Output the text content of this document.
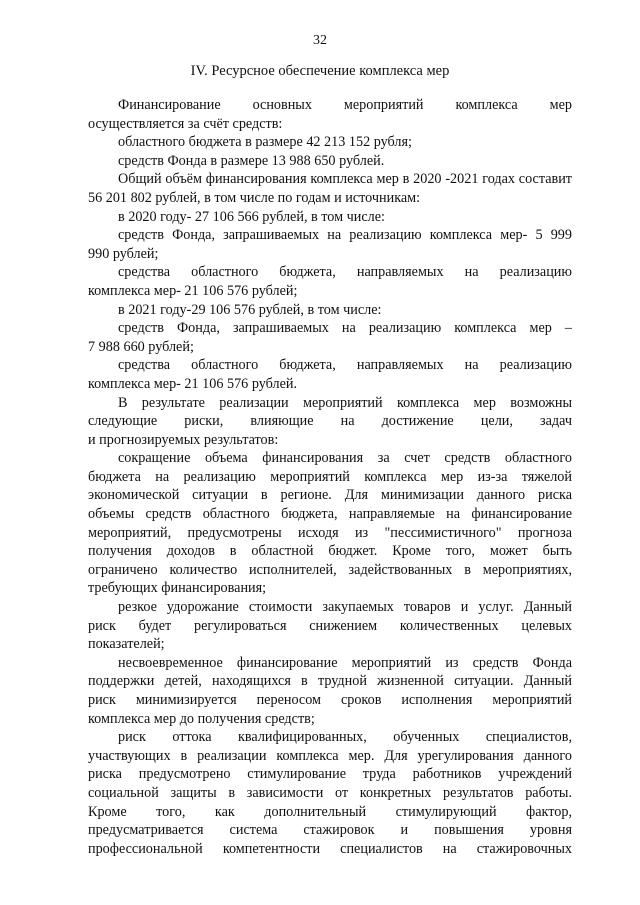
32
IV. Ресурсное обеспечение комплекса мер

Финансирование основных мероприятий комплекса мер

осуществляется за счёт средств:

областного бюджета в размере 42 213 152 рубля;

средств Фонда в размере 13 988 650 рублей.

Общий объём финансирования комплекса мер в 2020 -2021 годах составит

56 201 802 рублей, в том числе по годам и источникам:

в 2020 году- 27 106 566 рублей, в том числе:

средств Фонда, запрашиваемых на реализацию комплекса мер- 5 999

990 рублей;

средства областного бюджета, направляемых на реализацию

комплекса мер- 21 106 576 рублей;

в 2021 году-29 106 576 рублей, в том числе:

средств Фонда, запрашиваемых на реализацию комплекса мер –

7 988 660 рублей;

средства областного бюджета, направляемых на реализацию

комплекса мер- 21 106 576 рублей.

В результате реализации мероприятий комплекса мер возможны

следующие риски, влияющие на достижение цели, задач

и прогнозируемых результатов:

сокращение объема финансирования за счет средств областного

бюджета на реализацию мероприятий комплекса мер из-за тяжелой

экономической ситуации в регионе. Для минимизации данного риска

объемы средств областного бюджета, направляемые на финансирование

мероприятий, предусмотрены исходя из "пессимистичного" прогноза

получения доходов в областной бюджет. Кроме того, может быть

ограничено количество исполнителей, задействованных в мероприятиях,

требующих финансирования;

резкое удорожание стоимости закупаемых товаров и услуг. Данный

риск будет регулироваться снижением количественных целевых

показателей;

несвоевременное финансирование мероприятий из средств Фонда

поддержки детей, находящихся в трудной жизненной ситуации. Данный

риск минимизируется переносом сроков исполнения мероприятий

комплекса мер до получения средств;

риск оттока квалифицированных, обученных специалистов,

участвующих в реализации комплекса мер. Для урегулирования данного

риска предусмотрено стимулирование труда работников учреждений

социальной защиты в зависимости от конкретных результатов работы.

Кроме того, как дополнительный стимулирующий фактор,

предусматривается система стажировок и повышения уровня

профессиональной компетентности специалистов на стажировочных
